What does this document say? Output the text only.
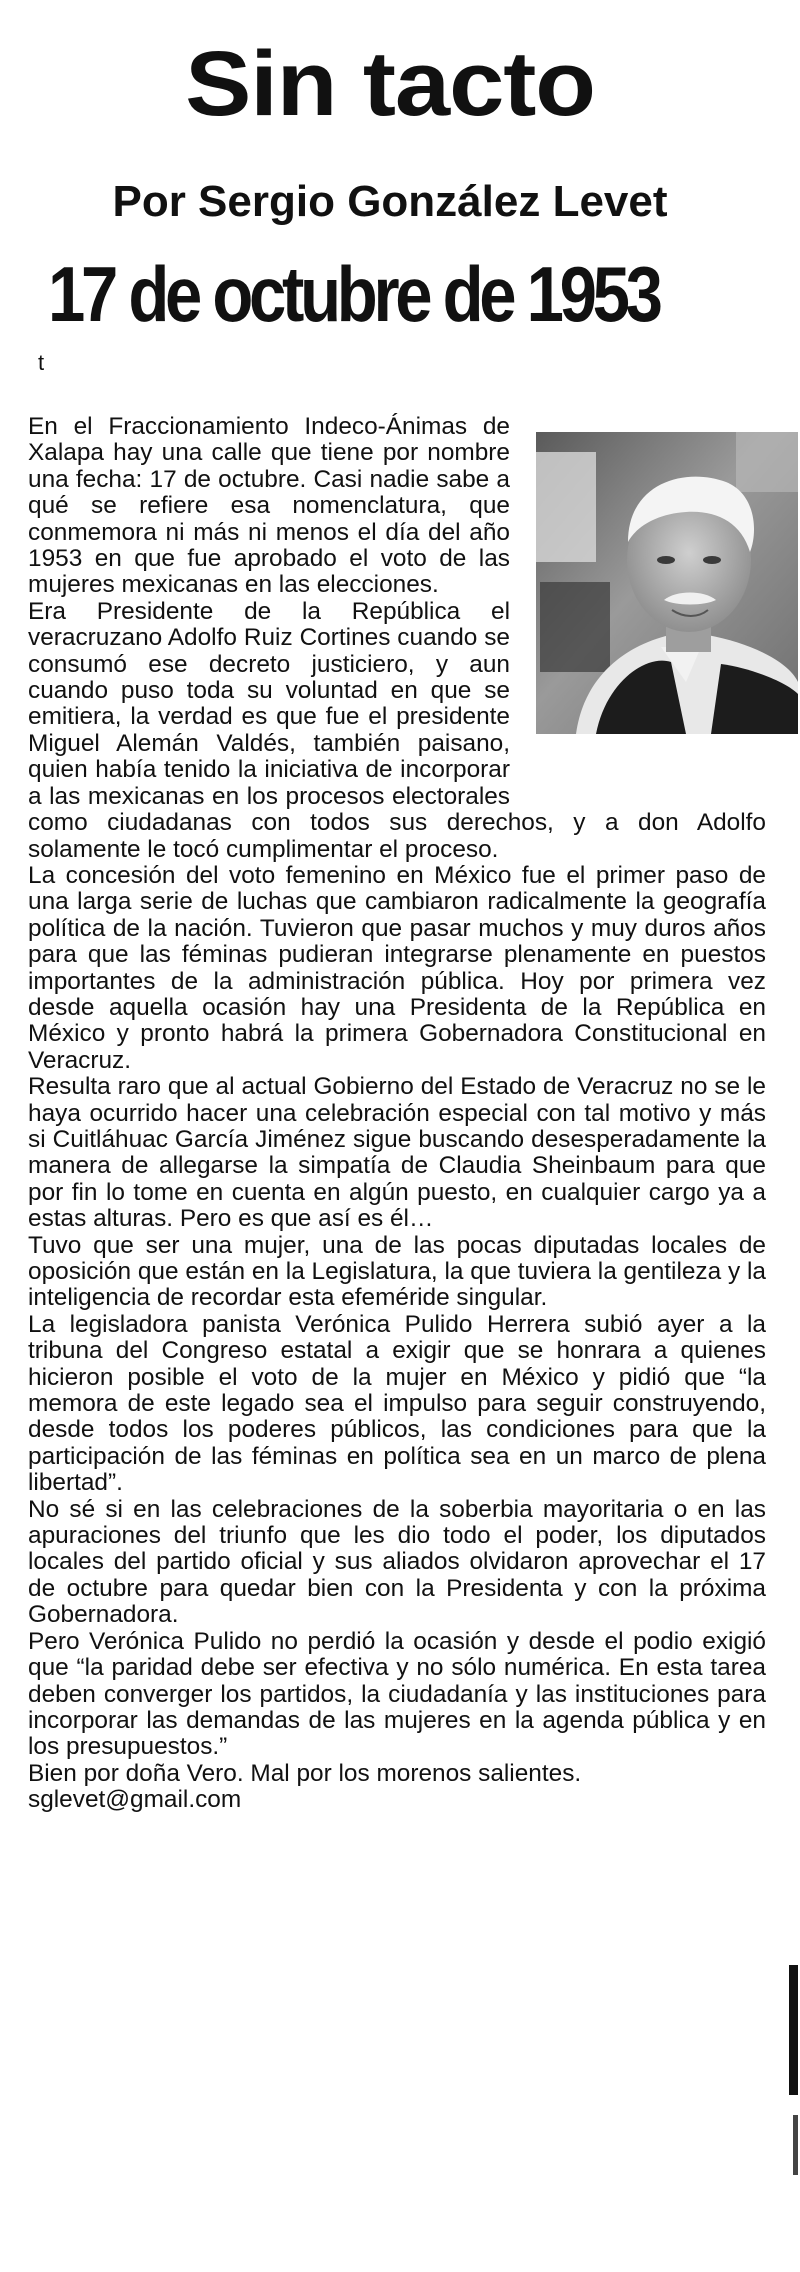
Sin tacto
Por Sergio González Levet
17 de octubre de 1953
t

En el Fraccionamiento Indeco-Ánimas de Xalapa hay una calle que tiene por nombre una fecha: 17 de octubre. Casi nadie sabe a qué se refiere esa nomenclatura, que conmemora ni más ni menos el día del año 1953 en que fue aprobado el voto de las mujeres mexicanas en las elecciones.

Era Presidente de la República el veracruzano Adolfo Ruiz Cortines cuando se consumó ese decreto justiciero, y aun cuando puso toda su voluntad en que se emitiera, la verdad es que fue el presidente Miguel Alemán Valdés, también paisano, quien había tenido la iniciativa de incorporar a las mexicanas en los procesos electorales como ciudadanas con todos sus derechos, y a don Adolfo solamente le tocó cumplimentar el proceso.

La concesión del voto femenino en México fue el primer paso de una larga serie de luchas que cambiaron radicalmente la geografía política de la nación. Tuvieron que pasar muchos y muy duros años para que las féminas pudieran integrarse plenamente en puestos importantes de la administración pública. Hoy por primera vez desde aquella ocasión hay una Presidenta de la República en México y pronto habrá la primera Gobernadora Constitucional en Veracruz.

Resulta raro que al actual Gobierno del Estado de Veracruz no se le haya ocurrido hacer una celebración especial con tal motivo y más si Cuitláhuac García Jiménez sigue buscando desesperadamente la manera de allegarse la simpatía de Claudia Sheinbaum para que por fin lo tome en cuenta en algún puesto, en cualquier cargo ya a estas alturas. Pero es que así es él…

Tuvo que ser una mujer, una de las pocas diputadas locales de oposición que están en la Legislatura, la que tuviera la gentileza y la inteligencia de recordar esta efeméride singular.

La legisladora panista Verónica Pulido Herrera subió ayer a la tribuna del Congreso estatal a exigir que se honrara a quienes hicieron posible el voto de la mujer en México y pidió que “la memora de este legado sea el impulso para seguir construyendo, desde todos los poderes públicos, las condiciones para que la participación de las féminas en política sea en un marco de plena libertad”.

No sé si en las celebraciones de la soberbia mayoritaria o en las apuraciones del triunfo que les dio todo el poder, los diputados locales del partido oficial y sus aliados olvidaron aprovechar el 17 de octubre para quedar bien con la Presidenta y con la próxima Gobernadora.

Pero Verónica Pulido no perdió la ocasión y desde el podio exigió que “la paridad debe ser efectiva y no sólo numérica. En esta tarea deben converger los partidos, la ciudadanía y las instituciones para incorporar las demandas de las mujeres en la agenda pública y en los presupuestos.”

Bien por doña Vero. Mal por los morenos salientes.

sglevet@gmail.com
